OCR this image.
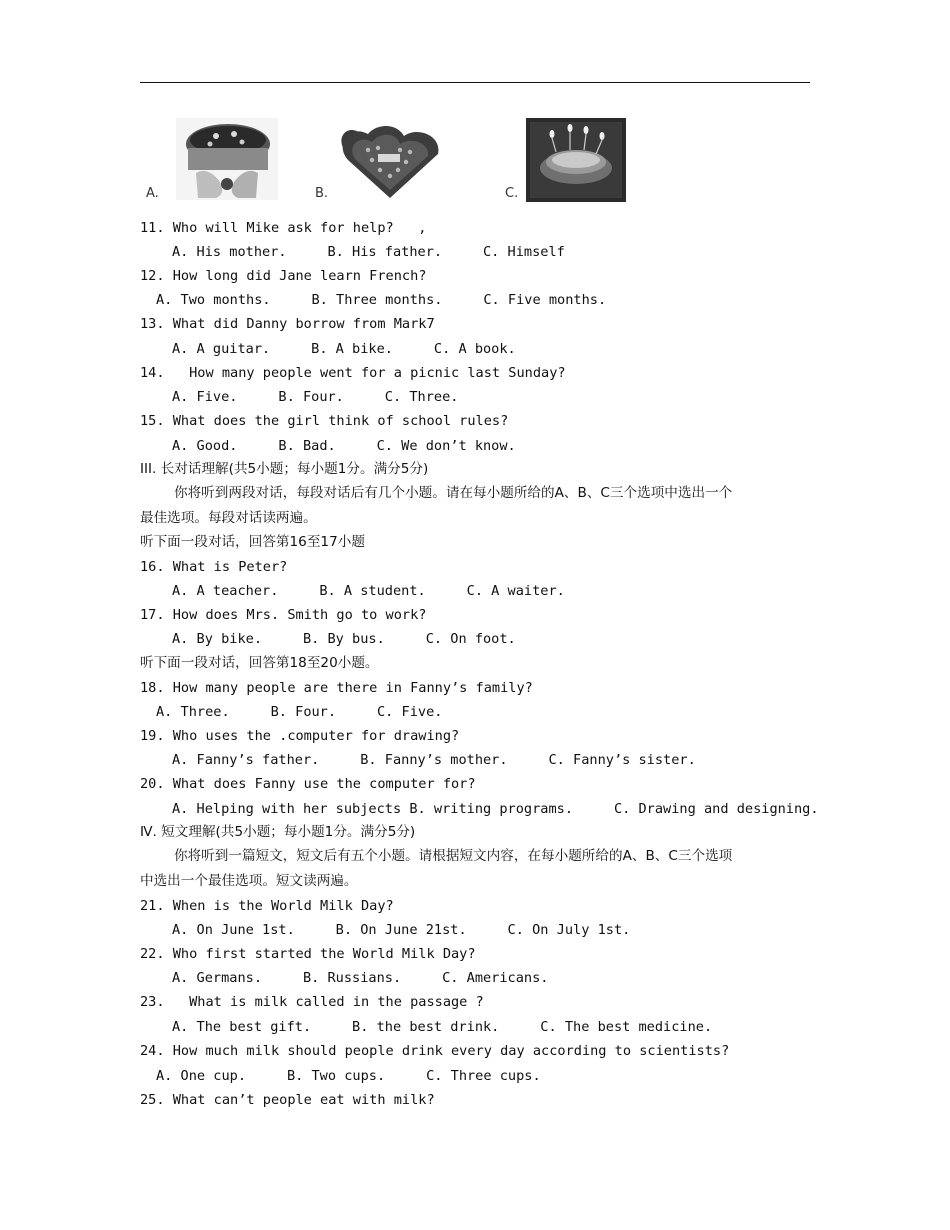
A.	B.	C.
11. Who will Mike ask for help?   ,
A. His mother.     B. His father.     C. Himself
12. How long did Jane learn French?
A. Two months.     B. Three months.     C. Five months.
13. What did Danny borrow from Mark7
A. A guitar.     B. A bike.     C. A book.
14.   How many people went for a picnic last Sunday?
A. Five.     B. Four.     C. Three.
15. What does the girl think of school rules?
A. Good.     B. Bad.     C. We don’t know.
III. 长对话理解(共5小题；每小题1分。满分5分)
你将听到两段对话，每段对话后有几个小题。请在每小题所给的A、B、C三个选项中选出一个
最佳选项。每段对话读两遍。
听下面一段对话，回答第16至17小题
16. What is Peter?
A. A teacher.     B. A student.     C. A waiter.
17. How does Mrs. Smith go to work?
A. By bike.     B. By bus.     C. On foot.
听下面一段对话，回答第18至20小题。
18. How many people are there in Fanny’s family?
A. Three.     B. Four.     C. Five.
19. Who uses the .computer for drawing?
A. Fanny’s father.     B. Fanny’s mother.     C. Fanny’s sister.
20. What does Fanny use the computer for?
A. Helping with her subjects B. writing programs.     C. Drawing and designing.
Ⅳ. 短文理解(共5小题；每小题1分。满分5分)
你将听到一篇短文，短文后有五个小题。请根据短文内容，在每小题所给的A、B、C三个选项
中选出一个最佳选项。短文读两遍。
21. When is the World Milk Day?
A. On June 1st.     B. On June 21st.     C. On July 1st.
22. Who first started the World Milk Day?
A. Germans.     B. Russians.     C. Americans.
23.   What is milk called in the passage ?
A. The best gift.     B. the best drink.     C. The best medicine.
24. How much milk should people drink every day according to scientists?
A. One cup.     B. Two cups.     C. Three cups.
25. What can’t people eat with milk?
